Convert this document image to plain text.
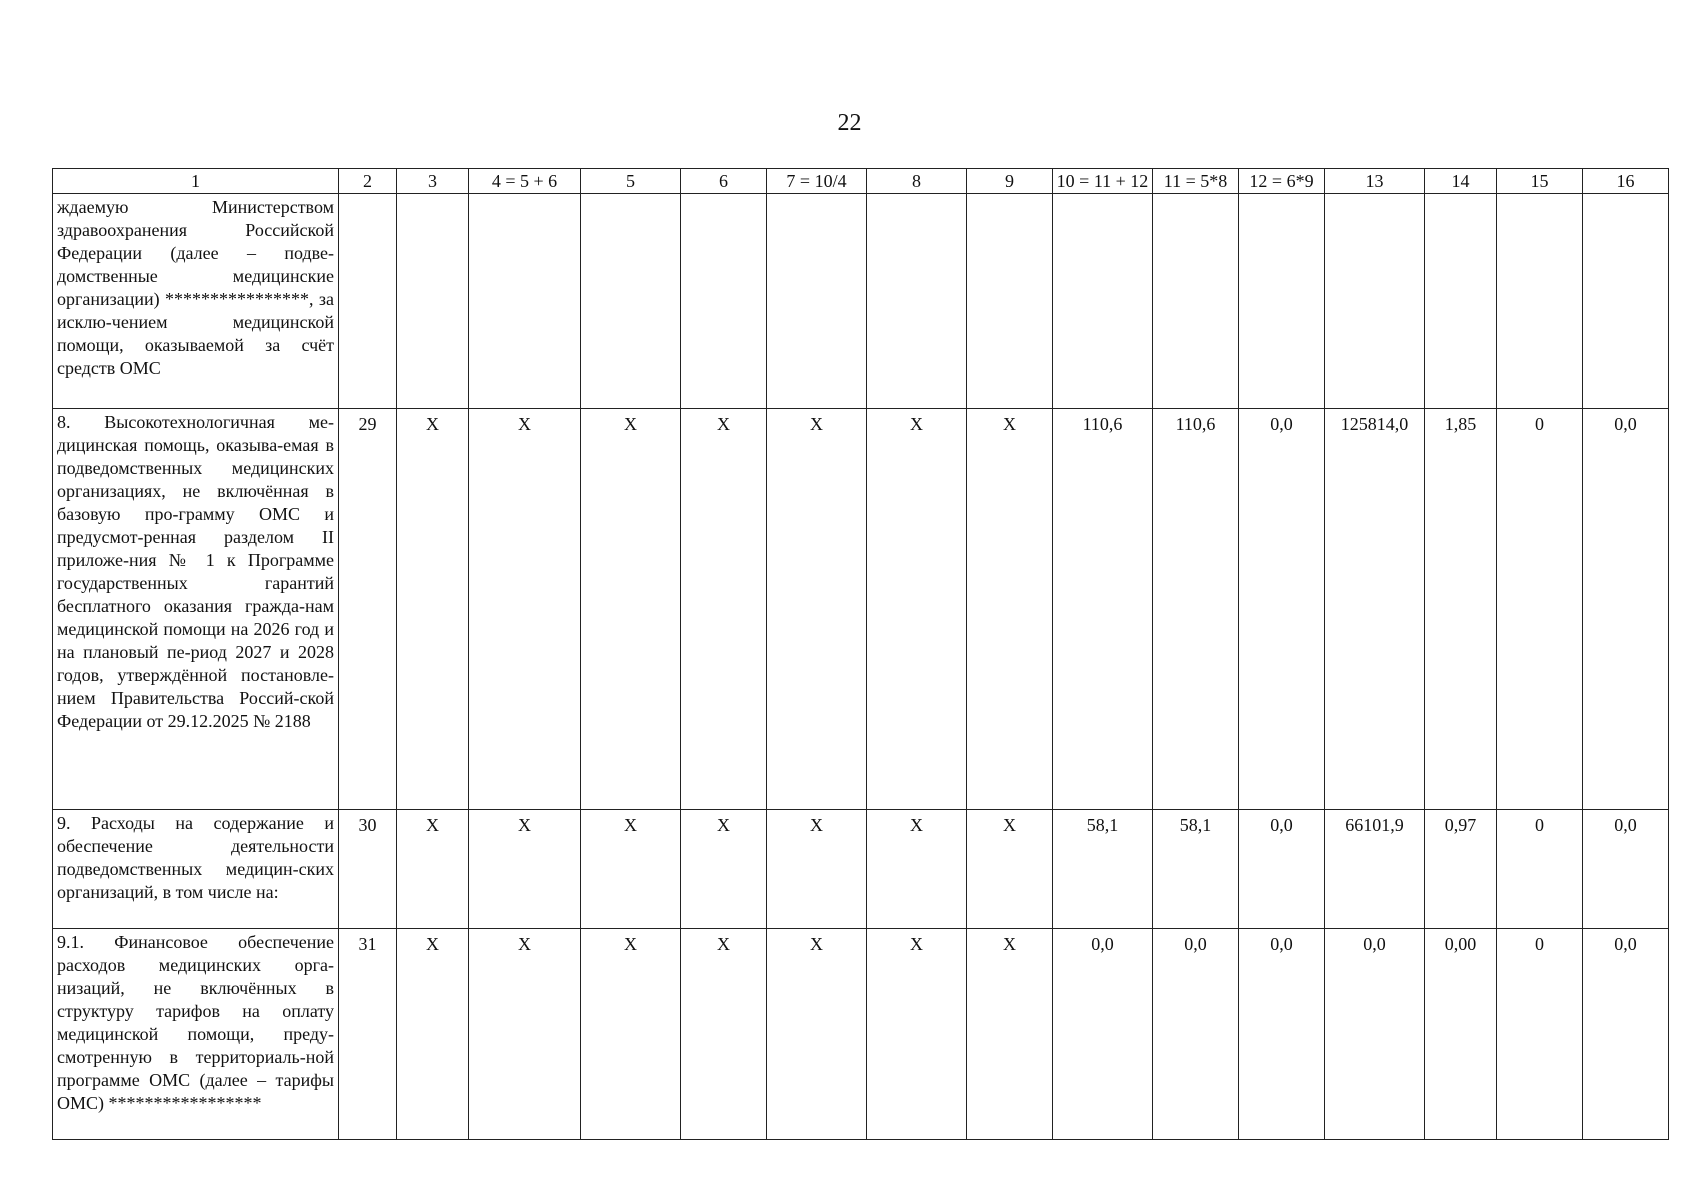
22
1	2	3	4 = 5 + 6	5	6	7 = 10/4	8	9	10 = 11 + 12	11 = 5*8	12 = 6*9	13	14	15	16
ждаемую Министерством здравоохранения Российской Федерации (далее – подве-домственные медицинские организации) ****************, за исклю-чением медицинской помощи, оказываемой за счёт средств ОМС															
8. Высокотехнологичная ме-дицинская помощь, оказыва-емая в подведомственных медицинских организациях, не включённая в базовую про-грамму ОМС и предусмот-ренная разделом II приложе-ния № 1 к Программе государственных гарантий бесплатного оказания гражда-нам медицинской помощи на 2026 год и на плановый пе-риод 2027 и 2028 годов, утверждённой постановле-нием Правительства Россий-ской Федерации от 29.12.2025 № 2188	29	Х	Х	Х	Х	Х	Х	Х	110,6	110,6	0,0	125814,0	1,85	0	0,0
9. Расходы на содержание и обеспечение деятельности подведомственных медицин-ских организаций, в том числе на:	30	Х	Х	Х	Х	Х	Х	Х	58,1	58,1	0,0	66101,9	0,97	0	0,0
9.1. Финансовое обеспечение расходов медицинских орга-низаций, не включённых в структуру тарифов на оплату медицинской помощи, преду-смотренную в территориаль-ной программе ОМС (далее – тарифы ОМС) *****************	31	Х	Х	Х	Х	Х	Х	Х	0,0	0,0	0,0	0,0	0,00	0	0,0
